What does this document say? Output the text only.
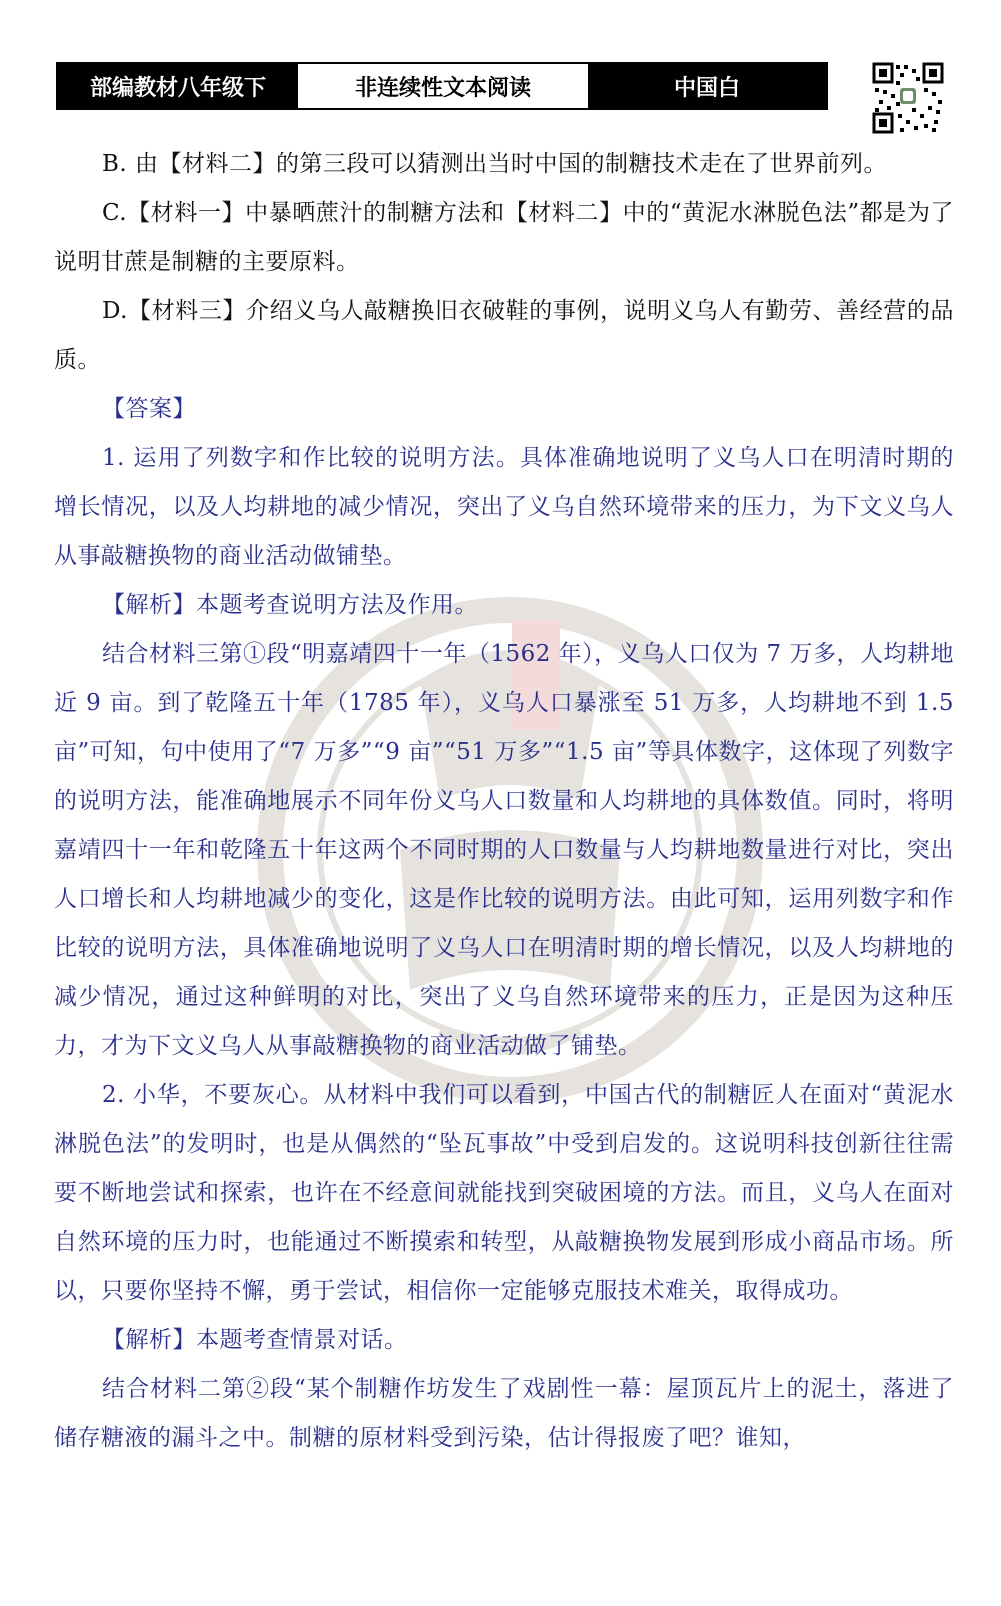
部编教材八年级下	非连续性文本阅读	中国白

B. 由【材料二】的第三段可以猜测出当时中国的制糖技术走在了世界前列。

C.【材料一】中暴晒蔗汁的制糖方法和【材料二】中的“黄泥水淋脱色法”都是为了说明甘蔗是制糖的主要原料。

D.【材料三】介绍义乌人敲糖换旧衣破鞋的事例，说明义乌人有勤劳、善经营的品质。

【答案】

1. 运用了列数字和作比较的说明方法。具体准确地说明了义乌人口在明清时期的增长情况，以及人均耕地的减少情况，突出了义乌自然环境带来的压力，为下文义乌人从事敲糖换物的商业活动做铺垫。

【解析】本题考查说明方法及作用。

结合材料三第①段“明嘉靖四十一年（1562 年），义乌人口仅为 7 万多，人均耕地近 9 亩。到了乾隆五十年（1785 年），义乌人口暴涨至 51 万多，人均耕地不到 1.5 亩”可知，句中使用了“7 万多”“9 亩”“51 万多”“1.5 亩”等具体数字，这体现了列数字的说明方法，能准确地展示不同年份义乌人口数量和人均耕地的具体数值。同时，将明嘉靖四十一年和乾隆五十年这两个不同时期的人口数量与人均耕地数量进行对比，突出人口增长和人均耕地减少的变化，这是作比较的说明方法。由此可知，运用列数字和作比较的说明方法，具体准确地说明了义乌人口在明清时期的增长情况，以及人均耕地的减少情况，通过这种鲜明的对比，突出了义乌自然环境带来的压力，正是因为这种压力，才为下文义乌人从事敲糖换物的商业活动做了铺垫。

2. 小华，不要灰心。从材料中我们可以看到，中国古代的制糖匠人在面对“黄泥水淋脱色法”的发明时，也是从偶然的“坠瓦事故”中受到启发的。这说明科技创新往往需要不断地尝试和探索，也许在不经意间就能找到突破困境的方法。而且，义乌人在面对自然环境的压力时，也能通过不断摸索和转型，从敲糖换物发展到形成小商品市场。所以，只要你坚持不懈，勇于尝试，相信你一定能够克服技术难关，取得成功。

【解析】本题考查情景对话。

结合材料二第②段“某个制糖作坊发生了戏剧性一幕：屋顶瓦片上的泥土，落进了储存糖液的漏斗之中。制糖的原材料受到污染，估计得报废了吧？谁知，
